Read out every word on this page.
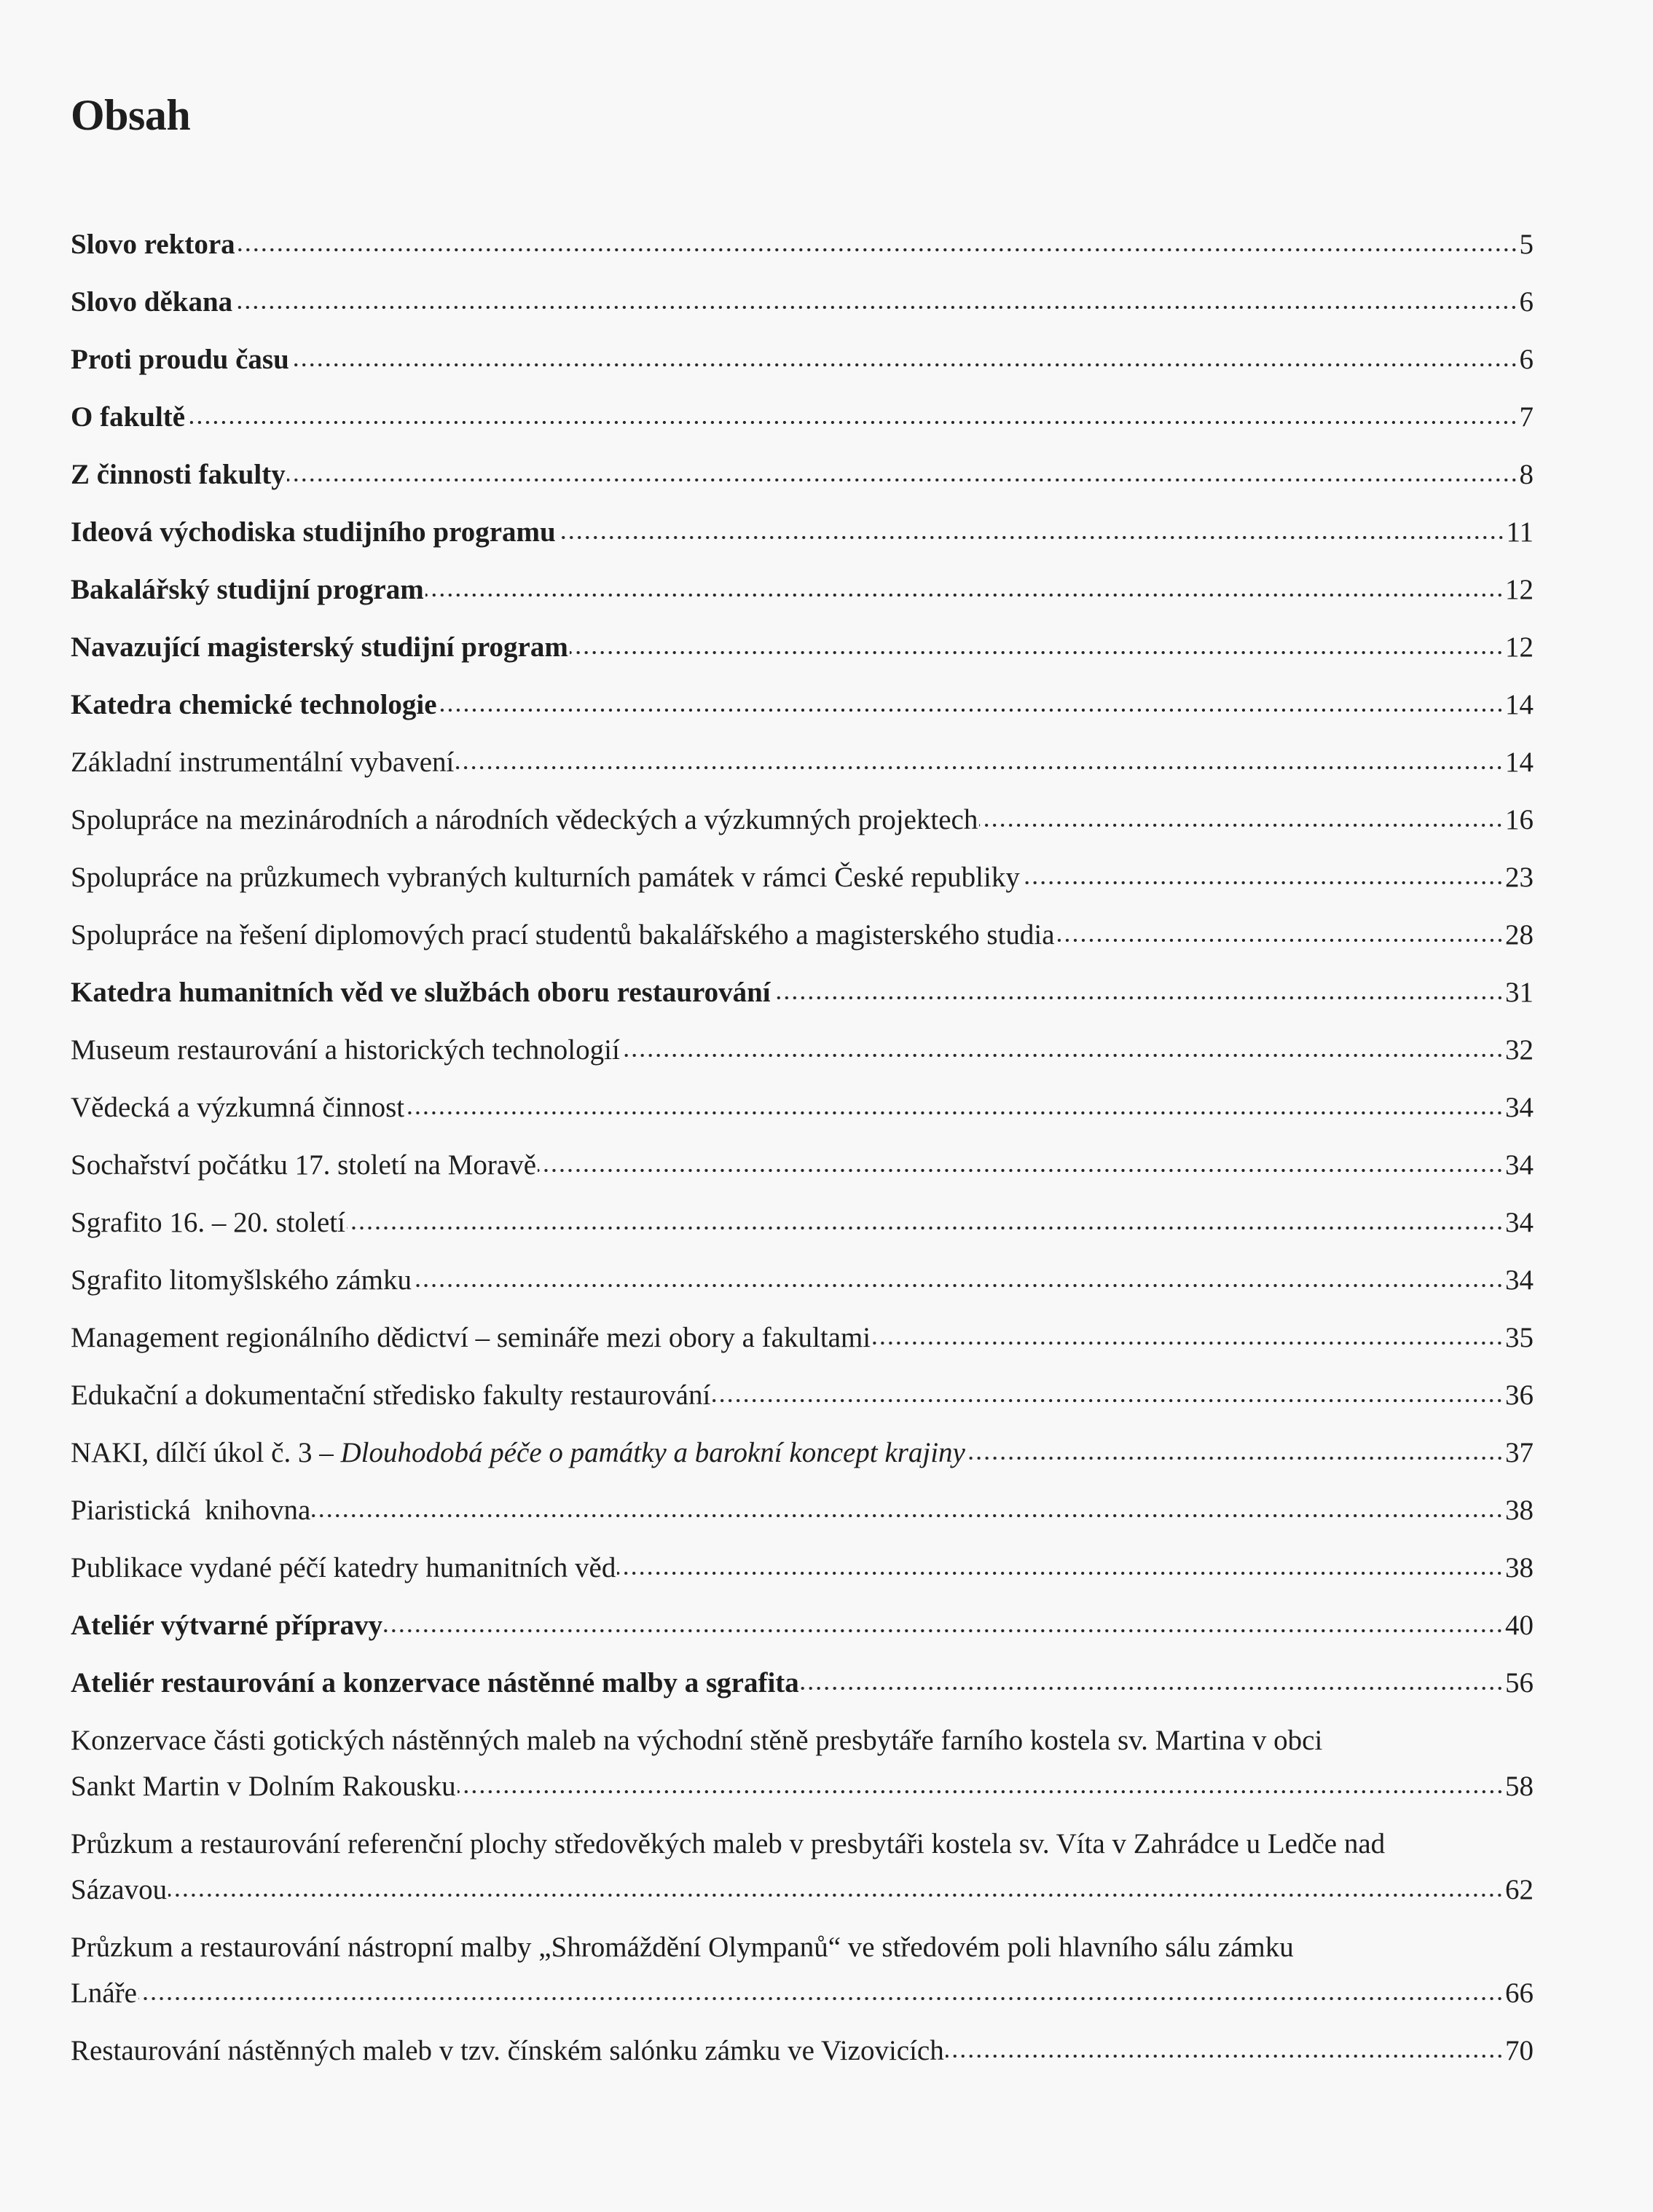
Obsah
Slovo rektora	5
Slovo děkana	6
Proti proudu času	6
O fakultě	7
Z činnosti fakulty	8
Ideová východiska studijního programu	11
Bakalářský studijní program	12
Navazující magisterský studijní program	12
Katedra chemické technologie	14
Základní instrumentální vybavení	14
Spolupráce na mezinárodních a národních vědeckých a výzkumných projektech	16
Spolupráce na průzkumech vybraných kulturních památek v rámci České republiky	23
Spolupráce na řešení diplomových prací studentů bakalářského a magisterského studia	28
Katedra humanitních věd ve službách oboru restaurování	31
Museum restaurování a historických technologií	32
Vědecká a výzkumná činnost	34
Sochařství počátku 17. století na Moravě	34
Sgrafito 16. – 20. století	34
Sgrafito litomyšlského zámku	34
Management regionálního dědictví – semináře mezi obory a fakultami	35
Edukační a dokumentační středisko fakulty restaurování	36
NAKI, dílčí úkol č. 3 – Dlouhodobá péče o památky a barokní koncept krajiny	37
Piaristická  knihovna	38
Publikace vydané péčí katedry humanitních věd	38
Ateliér výtvarné přípravy	40
Ateliér restaurování a konzervace nástěnné malby a sgrafita	56
Konzervace části gotických nástěnných maleb na východní stěně presbytáře farního kostela sv. Martina v obci
Sankt Martin v Dolním Rakousku	58
Průzkum a restaurování referenční plochy středověkých maleb v presbytáři kostela sv. Víta v Zahrádce u Ledče nad
Sázavou	62
Průzkum a restaurování nástropní malby „Shromáždění Olympanů“ ve středovém poli hlavního sálu zámku
Lnáře	66
Restaurování nástěnných maleb v tzv. čínském salónku zámku ve Vizovicích	70
